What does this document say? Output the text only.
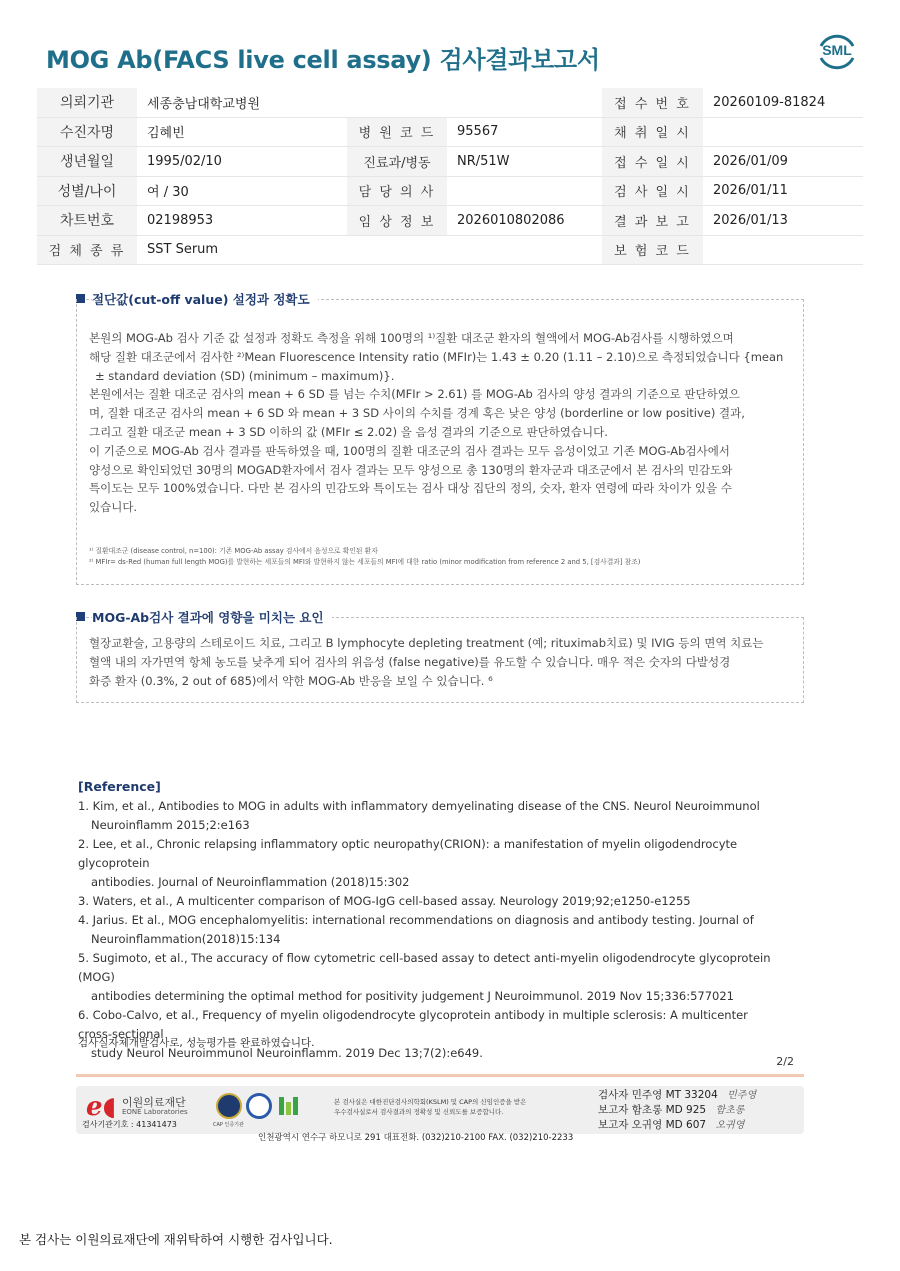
MOG Ab(FACS live cell assay) 검사결과보고서	SML
의뢰기관	세종충남대학교병원			접 수 번 호	20260109-81824
수진자명	김혜빈	병 원 코 드	95567	채 취 일 시	
생년월일	1995/02/10	진료과/병동	NR/51W	접 수 일 시	2026/01/09
성별/나이	여 / 30	담 당 의 사		검 사 일 시	2026/01/11
차트번호	02198953	임 상 정 보	2026010802086	결 과 보 고	2026/01/13
검 체 종 류	SST Serum			보 험 코 드	
절단값(cut-off value) 설정과 정확도

본원의 MOG-Ab 검사 기준 값 설정과 정확도 측정을 위해 100명의 ¹⁾질환 대조군 환자의 혈액에서 MOG-Ab검사를 시행하였으며

해당 질환 대조군에서 검사한 ²⁾Mean Fluorescence Intensity ratio (MFIr)는 1.43 ± 0.20 (1.11 – 2.10)으로 측정되었습니다 {mean

± standard deviation (SD) (minimum – maximum)}.

본원에서는 질환 대조군 검사의 mean + 6 SD 를 넘는 수치(MFIr > 2.61) 를 MOG-Ab 검사의 양성 결과의 기준으로 판단하였으

며, 질환 대조군 검사의 mean + 6 SD 와 mean + 3 SD 사이의 수치를 경계 혹은 낮은 양성 (borderline or low positive) 결과,

그리고 질환 대조군 mean + 3 SD 이하의 값 (MFIr ≤ 2.02) 을 음성 결과의 기준으로 판단하였습니다.

이 기준으로 MOG-Ab 검사 결과를 판독하였을 때, 100명의 질환 대조군의 검사 결과는 모두 음성이었고 기존 MOG-Ab검사에서

양성으로 확인되었던 30명의 MOGAD환자에서 검사 결과는 모두 양성으로 총 130명의 환자군과 대조군에서 본 검사의 민감도와

특이도는 모두 100%였습니다. 다만 본 검사의 민감도와 특이도는 검사 대상 집단의 정의, 숫자, 환자 연령에 따라 차이가 있을 수

있습니다.

¹⁾ 질환대조군 (disease control, n=100): 기존 MOG-Ab assay 검사에서 음성으로 확인된 환자
²⁾ MFIr= ds-Red (human full length MOG)를 발현하는 세포들의 MFI와 발현하지 않는 세포들의 MFI에 대한 ratio (minor modification from reference 2 and 5, [검사결과] 참조)
MOG-Ab검사 결과에 영향을 미치는 요인

혈장교환술, 고용량의 스테로이드 치료, 그리고 B lymphocyte depleting treatment (예; rituximab치료) 및 IVIG 등의 면역 치료는

혈액 내의 자가면역 항체 농도를 낮추게 되어 검사의 위음성 (false negative)를 유도할 수 있습니다. 매우 적은 숫자의 다발성경

화증 환자 (0.3%, 2 out of 685)에서 약한 MOG-Ab 반응을 보일 수 있습니다. ⁶

[Reference]
1. Kim, et al., Antibodies to MOG in adults with inflammatory demyelinating disease of the CNS. Neurol Neuroimmunol
Neuroinflamm 2015;2:e163
2. Lee, et al., Chronic relapsing inflammatory optic neuropathy(CRION): a manifestation of myelin oligodendrocyte glycoprotein
antibodies. Journal of Neuroinflammation (2018)15:302
3. Waters, et al., A multicenter comparison of MOG-IgG cell-based assay. Neurology 2019;92;e1250-e1255
4. Jarius. Et al., MOG encephalomyelitis: international recommendations on diagnosis and antibody testing. Journal of
Neuroinflammation(2018)15:134
5. Sugimoto, et al., The accuracy of flow cytometric cell-based assay to detect anti-myelin oligodendrocyte glycoprotein (MOG)
antibodies determining the optimal method for positivity judgement J Neuroimmunol. 2019 Nov 15;336:577021
6. Cobo-Calvo, et al., Frequency of myelin oligodendrocyte glycoprotein antibody in multiple sclerosis: A multicenter
cross-sectional
study Neurol Neuroimmunol Neuroinflamm. 2019 Dec 13;7(2):e649.
검사실자체개발검사로, 성능평가를 완료하였습니다.
2/2
e◖ 이원의료재단
EONE Laboratories
검사기관기호 : 41341473	CAP 인증기관
본 검사실은 대한진단검사의학회(KSLM) 및 CAP의 신임인증을 받은
우수검사실로서 검사결과의 정확성 및 신뢰도를 보증합니다.
검사자 민주영 MT 33204 민주영
보고자 함초롱 MD 925 함초롱
보고자 오귀영 MD 607 오귀영
인천광역시 연수구 하모니로 291 대표전화. (032)210-2100 FAX. (032)210-2233
본 검사는 이원의료재단에 재위탁하여 시행한 검사입니다.
